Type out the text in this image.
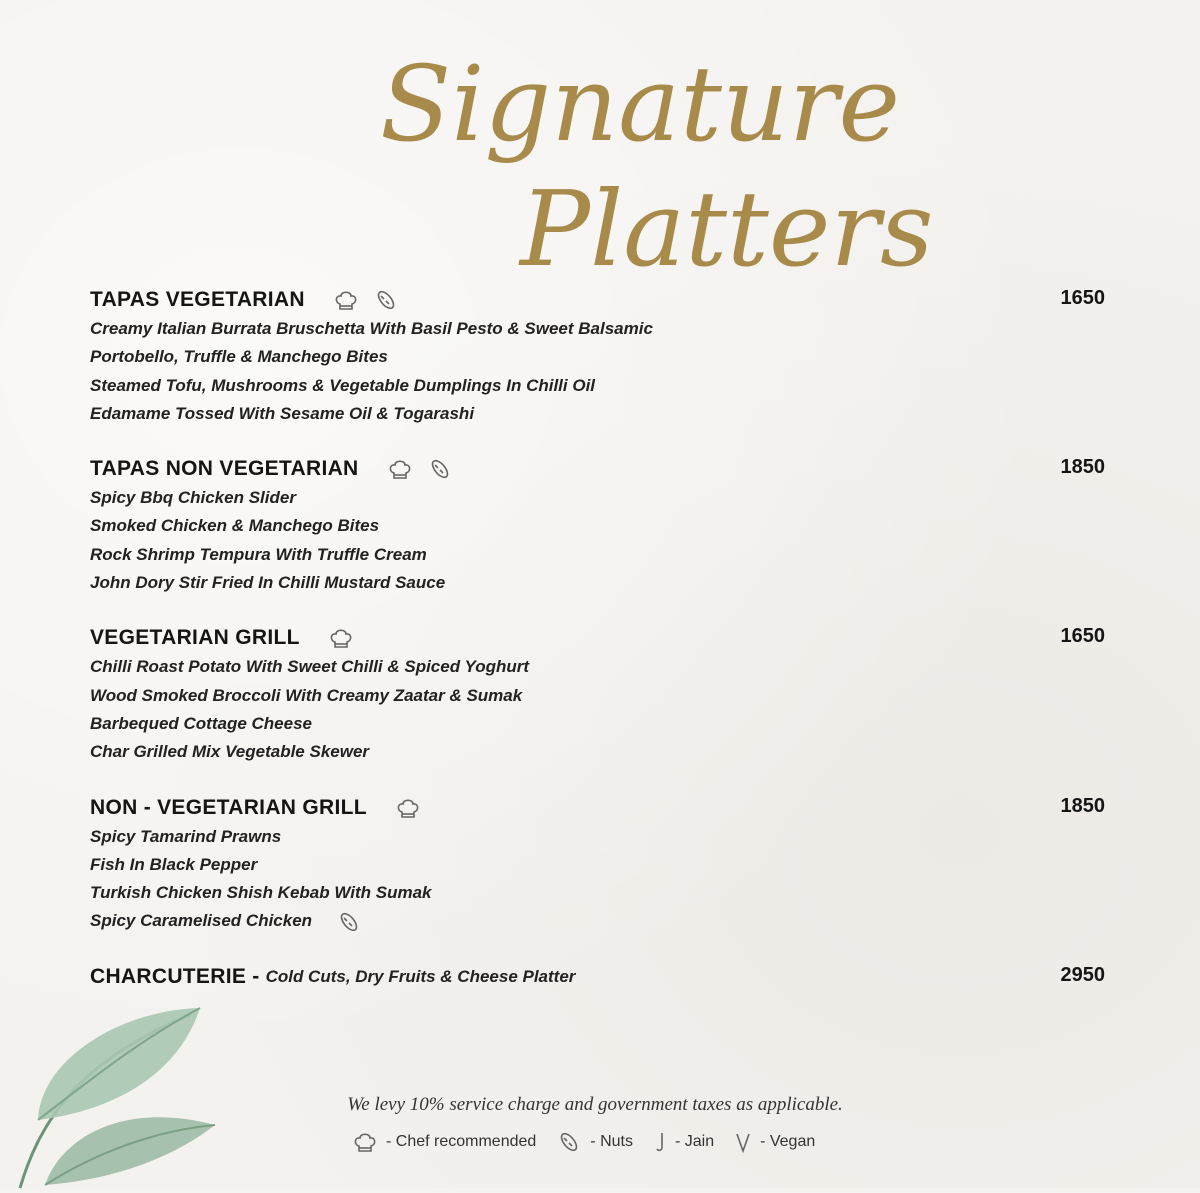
Signature
Platters
TAPAS VEGETARIAN	1650
Creamy Italian Burrata Bruschetta With Basil Pesto & Sweet Balsamic
Portobello, Truffle & Manchego Bites
Steamed Tofu, Mushrooms & Vegetable Dumplings In Chilli Oil
Edamame Tossed With Sesame Oil & Togarashi
TAPAS NON VEGETARIAN	1850
Spicy Bbq Chicken Slider
Smoked Chicken & Manchego Bites
Rock Shrimp Tempura With Truffle Cream
John Dory Stir Fried In Chilli Mustard Sauce
VEGETARIAN GRILL	1650
Chilli Roast Potato With Sweet Chilli & Spiced Yoghurt
Wood Smoked Broccoli With Creamy Zaatar & Sumak
Barbequed Cottage Cheese
Char Grilled Mix Vegetable Skewer
NON - VEGETARIAN GRILL	1850
Spicy Tamarind Prawns
Fish In Black Pepper
Turkish Chicken Shish Kebab With Sumak
Spicy Caramelised Chicken
CHARCUTERIE - Cold Cuts, Dry Fruits & Cheese Platter	2950
We levy 10% service charge and government taxes as applicable.
- Chef recommended	- Nuts	- Jain	- Vegan
